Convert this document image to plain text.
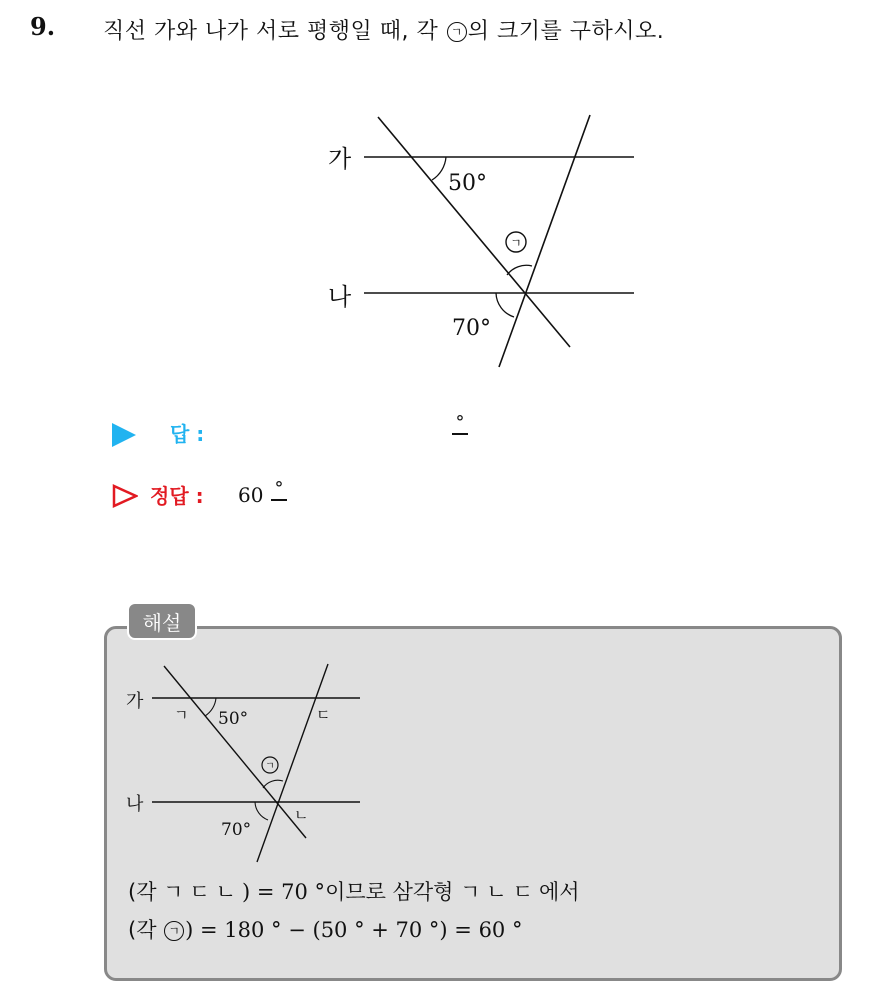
9. 직선 가와 나가 서로 평행일 때, 각 ㄱ 의 크기를 구하시오.
가
나
50°
70°
ㄱ
답 :	°
정답 : 60 °
해설
가
나
ㄱ	ㄷ
ㄴ
50°
70°
ㄱ
(각 ㄱㄷㄴ) = 70 °이므로 삼각형 ㄱㄴㄷ에서
(각 ㄱ ) = 180 ° − (50 ° + 70 °) = 60 °
